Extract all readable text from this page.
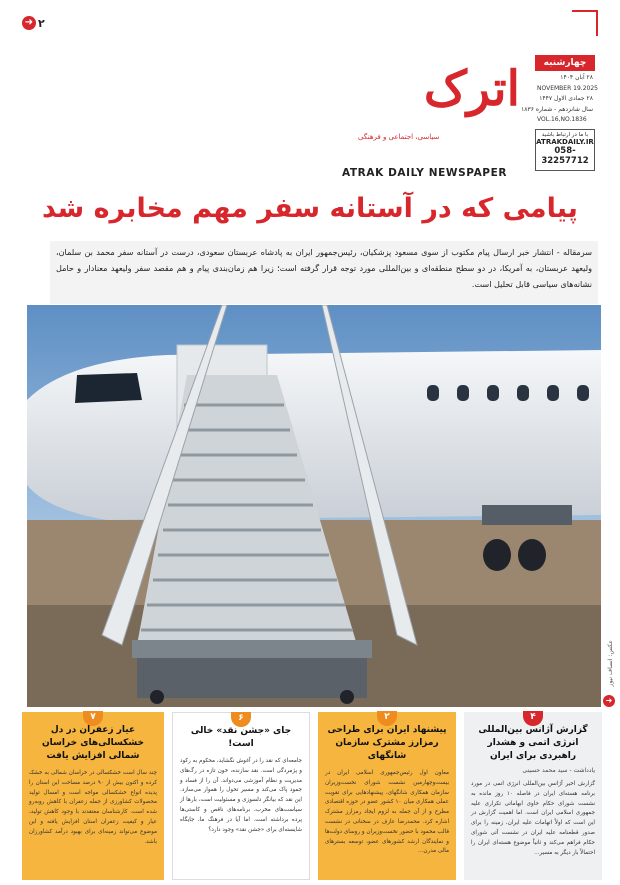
➜ ۲
اترک
سیاسی، اجتماعی و فرهنگی
ATRAK DAILY NEWSPAPER
چهارشنبه
۲۸ آبان ۱۴۰۴
NOVEMBER 19.2025
۲۸ جمادی الاول ۱۴۴۷
سال شانزدهم - شماره ۱۸۳۶
VOL.16,NO.1836
با ما در ارتباط باشید
ATRAKDAILY.IR
058-32257712
پیامی که در آستانه سفر مهم مخابره شد

سرمقاله - انتشار خبر ارسال پیام مکتوب از سوی مسعود پزشکیان، رئیس‌جمهور ایران به پادشاه عربستان سعودی، درست در آستانه سفر محمد بن سلمان، ولیعهد عربستان، به آمریکا، در دو سطح منطقه‌ای و بین‌المللی مورد توجه قرار گرفته است؛ زیرا هم زمان‌بندی پیام و هم مقصد سفر ولیعهد معنادار و حامل نشانه‌های سیاسی قابل تحلیل است.

عکس: انصاف نیوز
➜
۴
گزارش آژانس بین‌المللی انرژی اتمی و هشدار راهبردی برای ایران
یادداشت - سید محمد حسینی
گزارش اخیر آژانس بین‌المللی انرژی اتمی در مورد برنامه هسته‌ای ایران در فاصله ۱۰ روز مانده به نشست شورای حکام حاوی ابهاماتی تکراری علیه جمهوری اسلامی ایران است. اما اهمیت گزارش در این است که اولاً اتهامات علیه ایران، زمینه را برای صدور قطعنامه علیه ایران در نشست آتی شورای حکام فراهم می‌کند و ثانیاً موضوع هسته‌ای ایران را احتمالاً بار دیگر به مسیر...
۲
پیشنهاد ایران برای طراحی رمزارز مشترک سازمان شانگهای
معاون اول رئیس‌جمهوری اسلامی ایران در بیست‌وچهارمین نشست شورای نخست‌وزیران سازمان همکاری شانگهای، پیشنهادهایی برای تقویت عملی همکاری میان ۱۰ کشور عضو در حوزه اقتصادی مطرح و از آن جمله به لزوم ایجاد رمزارز مشترک اشاره کرد. محمدرضا عارف در سخنانی در نشست قالب محمود با حضور نخست‌وزیران و روسای دولت‌ها و نمایندگان ارشد کشورهای عضو، توسعه بسترهای مالی مدرن...
۶
جای «جشن نقد» خالی است!
جامعه‌ای که نقد را در آغوش نگشاید، محکوم به رکود و پژمردگی است. نقد سازنده، خون تازه در رگ‌های مدیریت و نظام آموزشی می‌دواند. آن را از فساد و جمود پاک می‌کند و مسیر تحول را هموار می‌سازد. این نقد که بیانگر دلسوزی و مسئولیت است، بارها از سیاست‌های مخرب، برنامه‌های ناقص و کاستی‌ها پرده برداشته است. اما آیا در فرهنگ ما، جایگاه شایسته‌ای برای «جشن نقد» وجود دارد؟
۷
عیار زعفران در دل خشکسالی‌های خراسان شمالی افزایش یافت
چند سال است خشکسالی در خراسان شمالی به خشک کرده و اکنون بیش از ۹۰ درصد مساحت این استان را پدیده انواع خشکسالی مواجه است و امسال تولید محصولات کشاورزی از جمله زعفران با کاهش روبه‌رو شده است. کارشناسان معتقدند با وجود کاهش تولید، عیار و کیفیت زعفران استان افزایش یافته و این موضوع می‌تواند زمینه‌ای برای بهبود درآمد کشاورزان باشد.
